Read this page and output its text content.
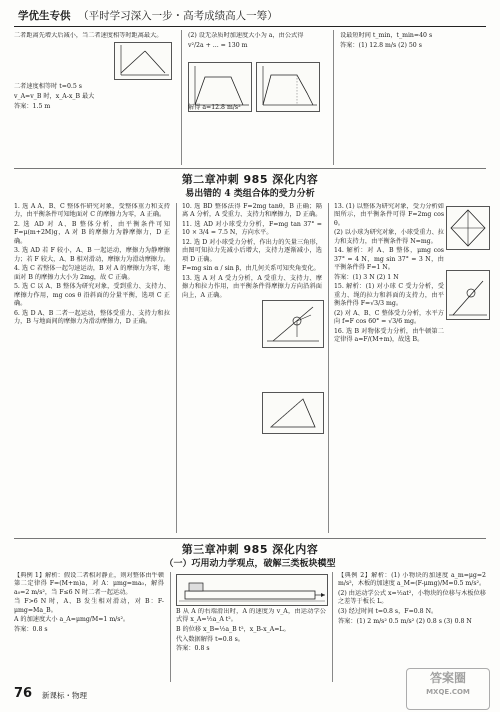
学优生专供 （平时学习深入一步・高考成绩高人一筹）

二者距离先增大后减小，当二者速度相等时距离最大。

二者速度相等时 t=0.5 s

v_A=v_B 时，x_A-x_B 最大

答案：1.5 m

(2) 设无杂质时加速度大小为 a，由公式得

v²/2a + ... = 130 m

解得 a=12.8 m/s²

设最短时间 t_min，t_min=40 s

答案：(1) 12.8 m/s (2) 50 s

第二章冲刺 985 深化内容
易出错的 4 类组合体的受力分析

1. 选 A A、B、C 整体作研究对象，受整体重力和支持力，由平衡条件可知地面对 C 的摩擦力为零，A 正确。

2. 选 AD 对 A、B 整体分析，由平衡条件可知 F=μ(m+2M)g，A 对 B 的摩擦力为静摩擦力，D 正确。

3. 选 AD 若 F 较小，A、B 一起运动，摩擦力为静摩擦力；若 F 较大，A、B 相对滑动，摩擦力为滑动摩擦力。

4. 选 C 若整体一起匀速运动，B 对 A 的摩擦力为零，地面对 B 的摩擦力大小为 2mg，故 C 正确。

5. 选 C 以 A、B 整体为研究对象，受到重力、支持力、摩擦力作用，mg cos θ 沿斜面的分量平衡，选项 C 正确。

6. 选 D A、B 二者一起运动，整体受重力、支持力和拉力，B 与地面间的摩擦力为滑动摩擦力，D 正确。

10. 选 BD 整体法得 F=2mg tanθ，B 正确；隔离 A 分析，A 受重力、支持力和摩擦力，D 正确。

11. 选 AD 对小球受力分析，F=mg tan 37° = 10 × 3/4 = 7.5 N，方向水平。

12. 选 D 对小球受力分析，作出力的矢量三角形，由图可知拉力先减小后增大，支持力逐渐减小，选项 D 正确。

F=mg sin α / sin β，由几何关系可知夹角变化。

13. 选 A 对 A 受力分析，A 受重力、支持力、摩擦力和拉力作用，由平衡条件得摩擦力方向沿斜面向上，A 正确。

13. (1) 以整体为研究对象，受力分析如图所示，由平衡条件可得 F=2mg cos θ。

(2) 以小球为研究对象，小球受重力、拉力和支持力，由平衡条件得 N=mg。

14. 解析：对 A、B 整体，μmg cos 37° = 4 N，mg sin 37° = 3 N，由平衡条件得 F=1 N。

答案：(1) 3 N (2) 1 N

15. 解析：(1) 对小球 C 受力分析，受重力、绳的拉力和斜面的支持力，由平衡条件得 F=√3/3 mg。

(2) 对 A、B、C 整体受力分析，水平方向 f=F cos 60° = √3/6 mg。

16. 选 B 对物体受力分析，由牛顿第二定律得 a=F/(M+m)，故选 B。

第三章冲刺 985 深化内容
（一）巧用动力学观点，破解三类板块模型

【典例 1】解析：假设二者相对静止，则对整体由牛顿第二定律得 F=(M+m)a，对 A：μmg=ma₀，解得 a₀=2 m/s²，当 F≤6 N 时二者一起运动。

当 F>6 N 时，A、B 发生相对滑动，对 B：F-μmg=Ma_B。

A 的加速度大小 a_A=μmg/M=1 m/s²。

答案：0.8 s

B 从 A 的右端滑出时，A 的速度为 v_A，由运动学公式得 x_A=½a_A t²。

B 的位移 x_B=½a_B t²，x_B-x_A=L。

代入数据解得 t=0.8 s。

答案：0.8 s

【典例 2】解析：(1) 小物块的加速度 a_m=μg=2 m/s²，木板的加速度 a_M=(F-μmg)/M=0.5 m/s²。

(2) 由运动学公式 x=½at²，小物块的位移与木板位移之差等于板长 L。

(3) 经过时间 t=0.8 s，F=0.8 N。

答案：(1) 2 m/s² 0.5 m/s² (2) 0.8 s (3) 0.8 N

76 新课标・物理
答案圈
MXQE.COM
